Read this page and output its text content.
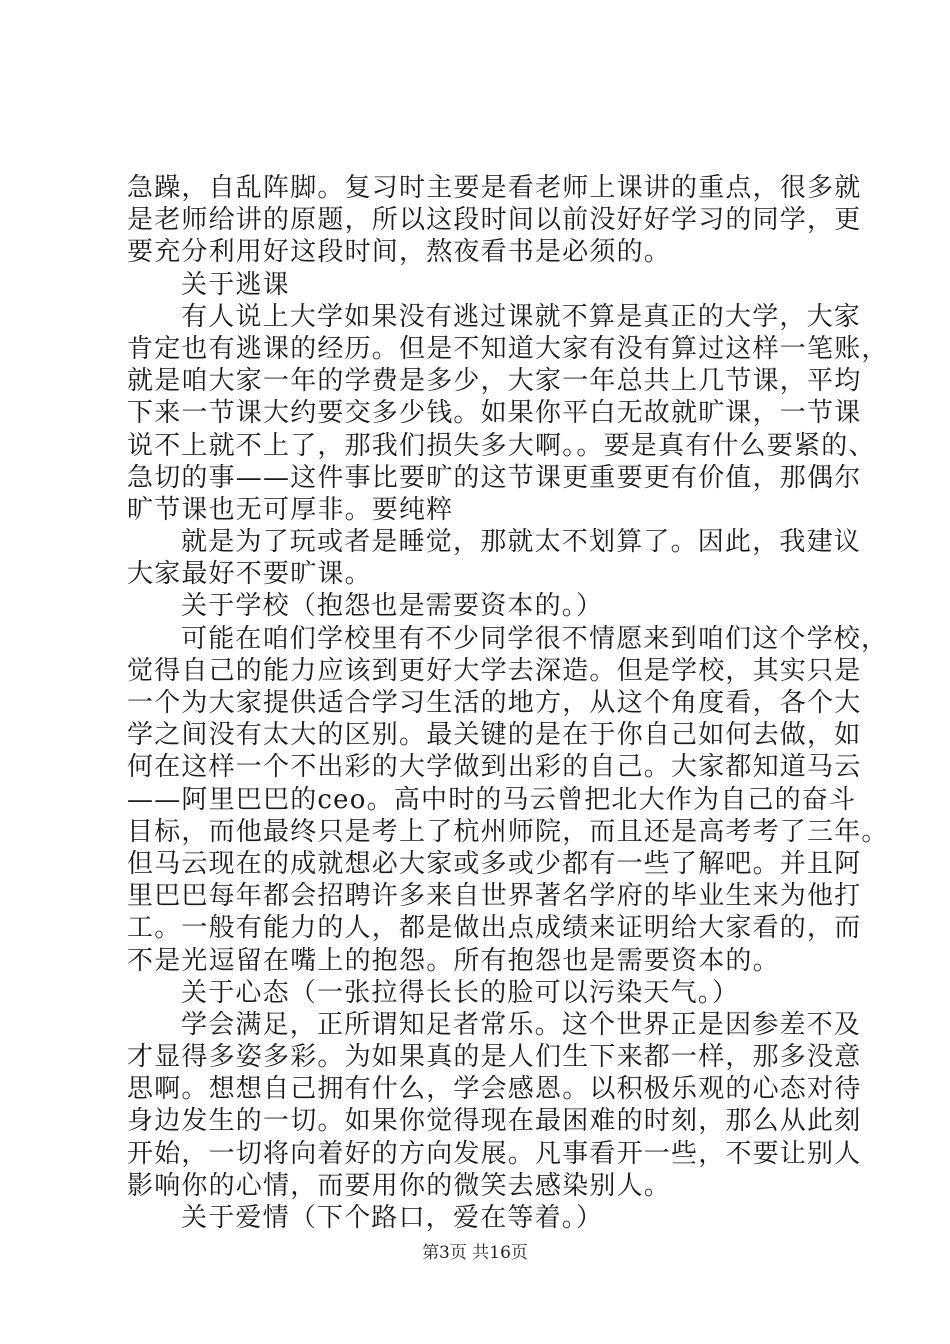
急躁，自乱阵脚。复习时主要是看老师上课讲的重点，很多就
是老师给讲的原题，所以这段时间以前没好好学习的同学，更
要充分利用好这段时间，熬夜看书是必须的。
关于逃课
有人说上大学如果没有逃过课就不算是真正的大学，大家
肯定也有逃课的经历。但是不知道大家有没有算过这样一笔账，
就是咱大家一年的学费是多少，大家一年总共上几节课，平均
下来一节课大约要交多少钱。如果你平白无故就旷课，一节课
说不上就不上了，那我们损失多大啊。。要是真有什么要紧的、
急切的事——这件事比要旷的这节课更重要更有价值，那偶尔
旷节课也无可厚非。要纯粹
就是为了玩或者是睡觉，那就太不划算了。因此，我建议
大家最好不要旷课。
关于学校（抱怨也是需要资本的。）
可能在咱们学校里有不少同学很不情愿来到咱们这个学校，
觉得自己的能力应该到更好大学去深造。但是学校，其实只是
一个为大家提供适合学习生活的地方，从这个角度看，各个大
学之间没有太大的区别。最关键的是在于你自己如何去做，如
何在这样一个不出彩的大学做到出彩的自己。大家都知道马云
——阿里巴巴的ceo。高中时的马云曾把北大作为自己的奋斗
目标，而他最终只是考上了杭州师院，而且还是高考考了三年。
但马云现在的成就想必大家或多或少都有一些了解吧。并且阿
里巴巴每年都会招聘许多来自世界著名学府的毕业生来为他打
工。一般有能力的人，都是做出点成绩来证明给大家看的，而
不是光逗留在嘴上的抱怨。所有抱怨也是需要资本的。
关于心态（一张拉得长长的脸可以污染天气。）
学会满足，正所谓知足者常乐。这个世界正是因参差不及
才显得多姿多彩。为如果真的是人们生下来都一样，那多没意
思啊。想想自己拥有什么，学会感恩。以积极乐观的心态对待
身边发生的一切。如果你觉得现在最困难的时刻，那么从此刻
开始，一切将向着好的方向发展。凡事看开一些，不要让别人
影响你的心情，而要用你的微笑去感染别人。
关于爱情（下个路口，爱在等着。）
第3页 共16页
